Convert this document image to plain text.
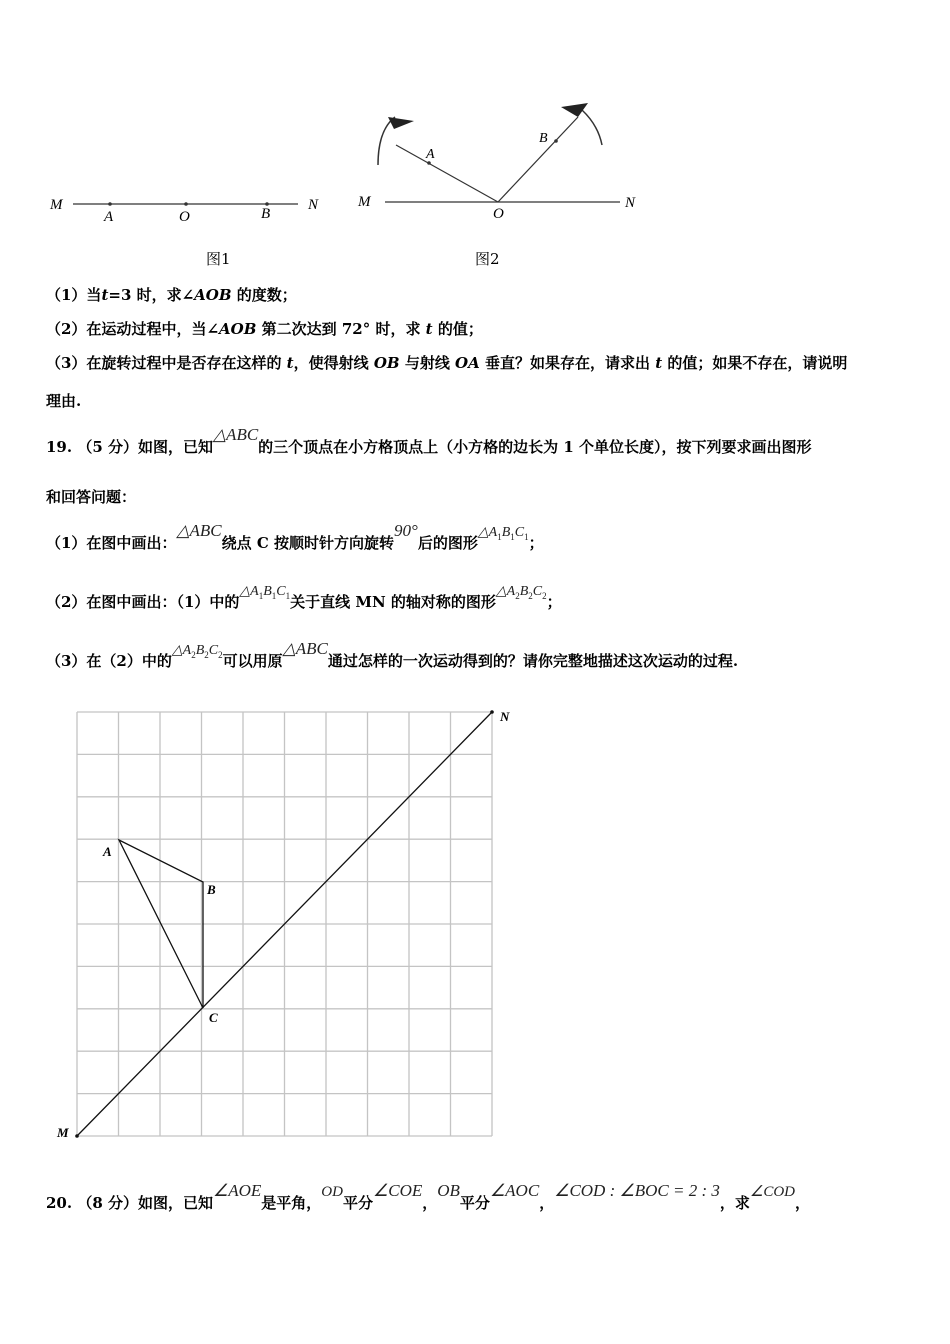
M
A	O	B
N
图1
M
A
O
B
N
图2
（1）当t=3 时，求∠AOB 的度数；
（2）在运动过程中，当∠AOB 第二次达到 72° 时，求 t 的值；
（3）在旋转过程中是否存在这样的 t，使得射线 OB 与射线 OA 垂直？如果存在，请求出 t 的值；如果不存在，请说明
理由.
19. （5 分）如图，已知△ABC的三个顶点在小方格顶点上（小方格的边长为 1 个单位长度），按下列要求画出图形
和回答问题：
（1）在图中画出：△ABC绕点 C 按顺时针方向旋转90°后的图形$\triangle A_1B_1C_1$；
（2）在图中画出：（1）中的$\triangle A_1B_1C_1$关于直线 MN 的轴对称的图形$\triangle A_2B_2C_2$；
（3）在（2）中的$\triangle A_2B_2C_2$可以用原△ABC通过怎样的一次运动得到的？请你完整地描述这次运动的过程.
N
M
A
B
C
20. （8 分）如图，已知∠AOE是平角，OD平分∠COE，OB平分∠AOC，∠COD : ∠BOC = 2 : 3，求∠COD，
